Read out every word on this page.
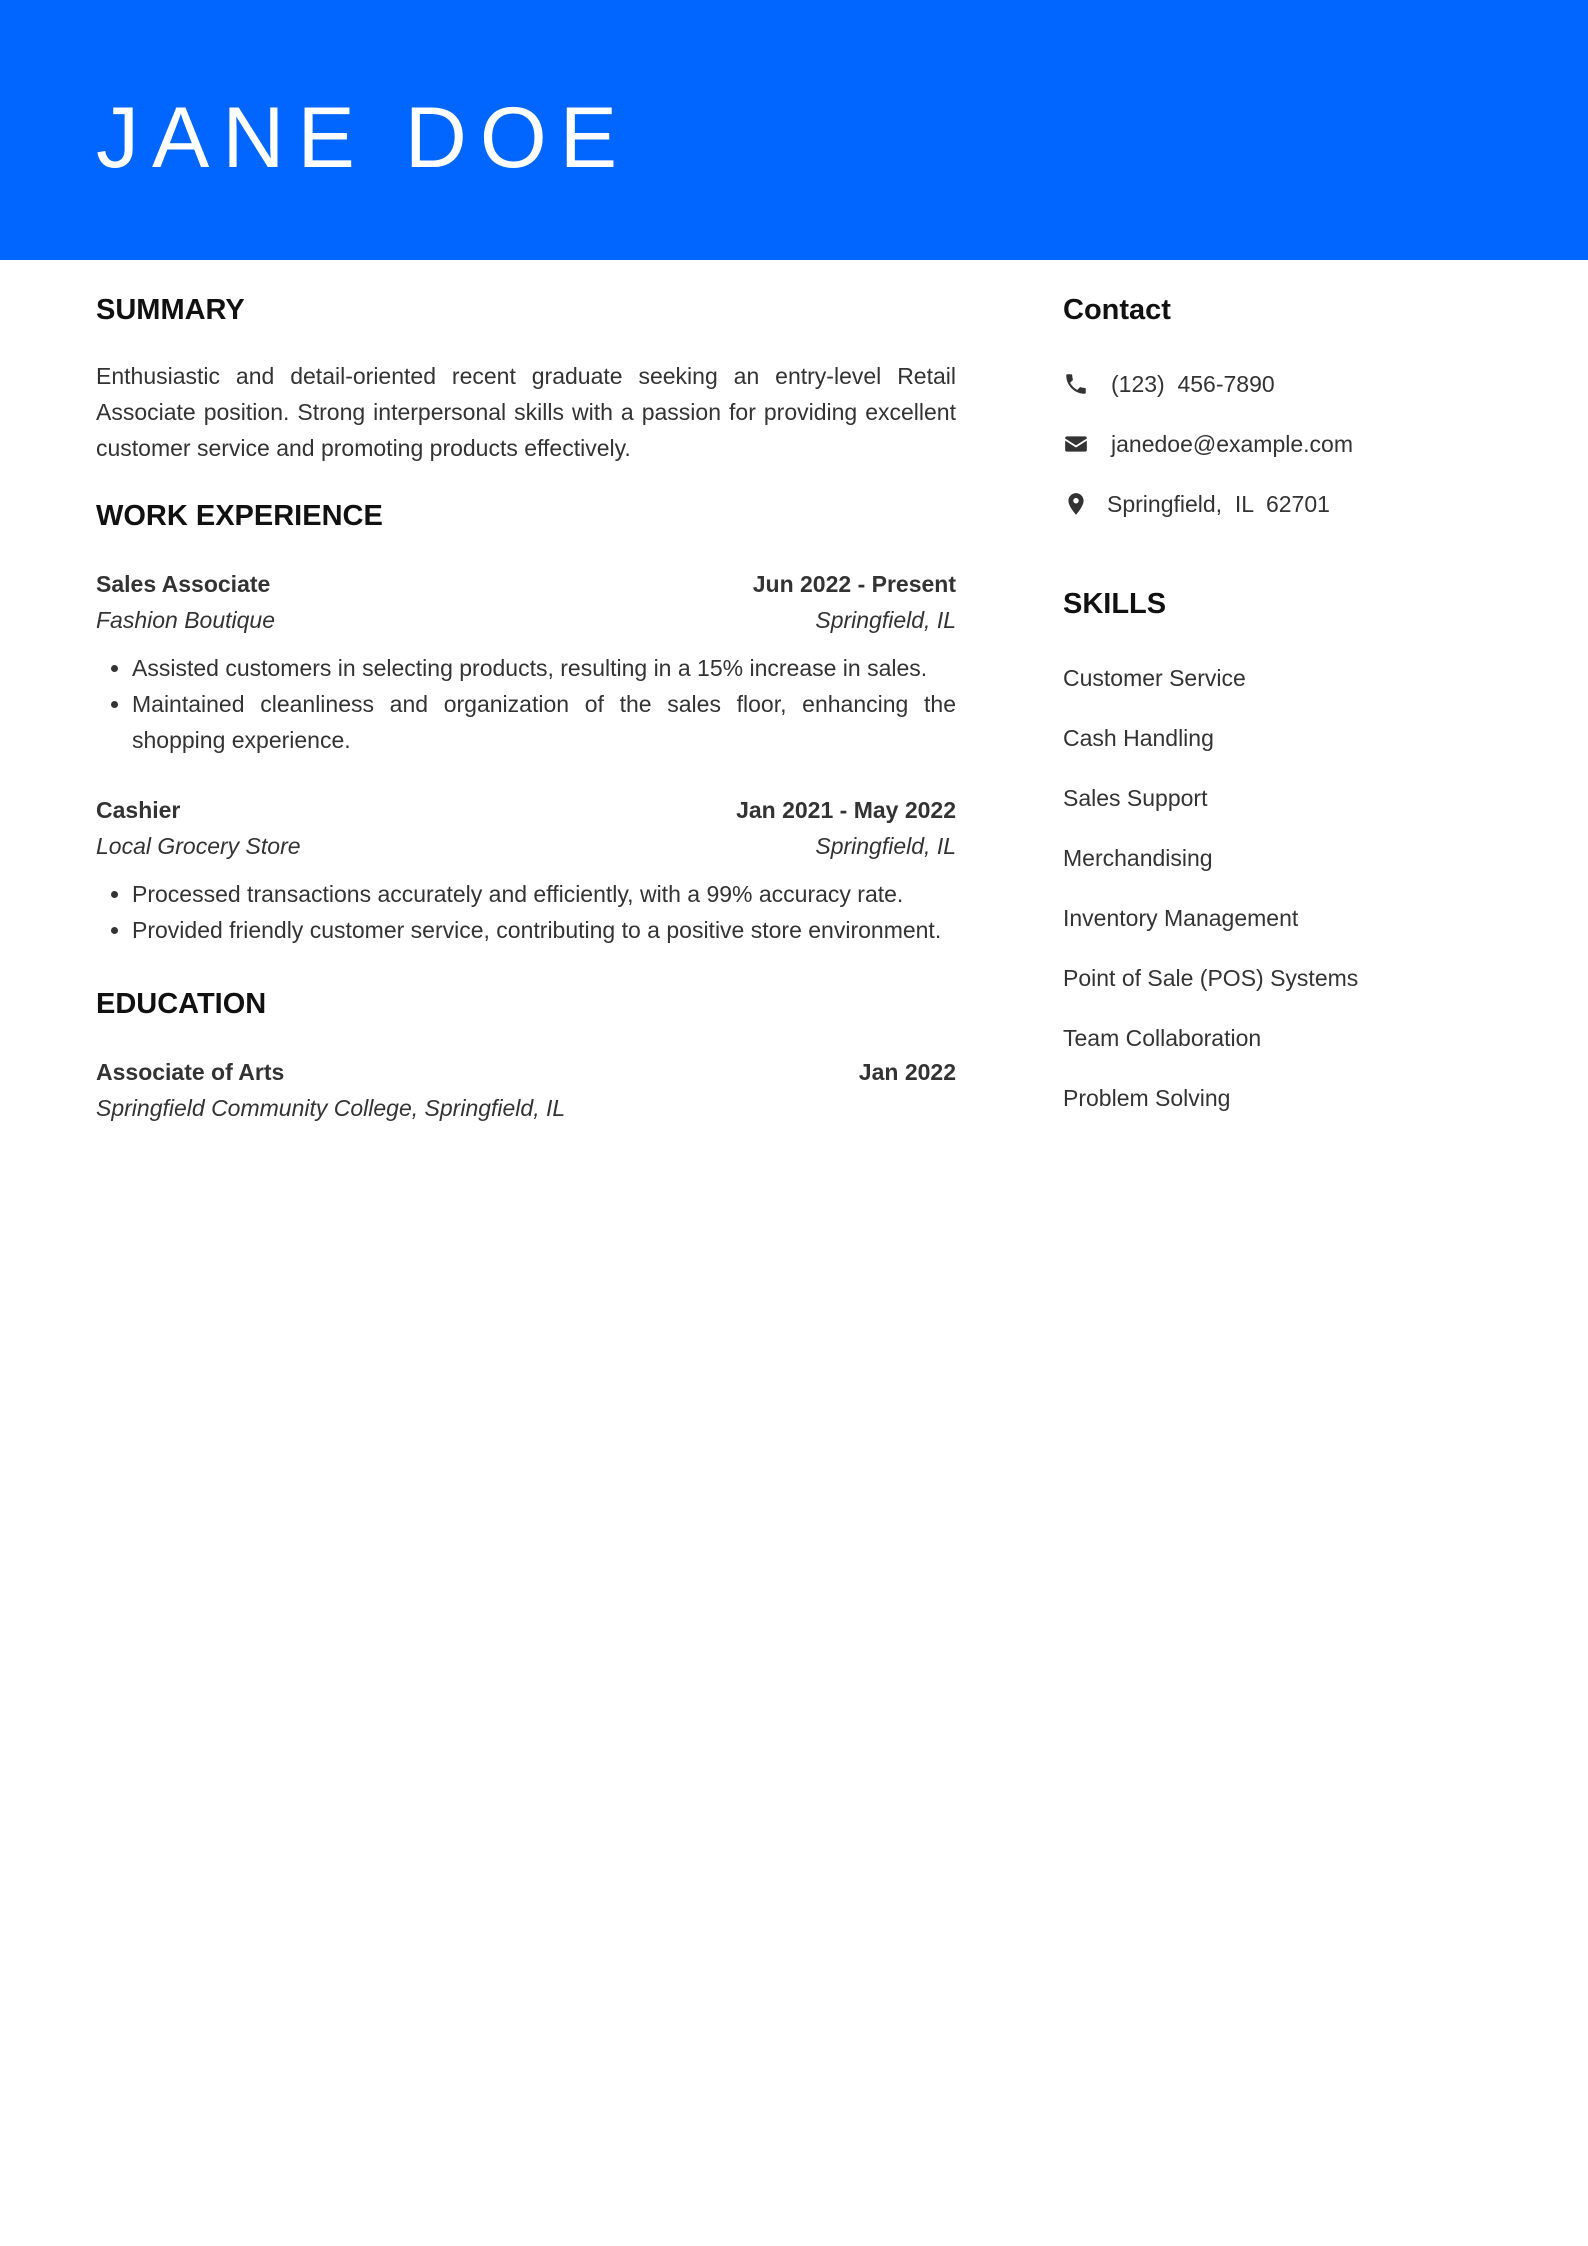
JANE DOE
SUMMARY

Enthusiastic and detail-oriented recent graduate seeking an entry-level Retail Associate position. Strong interpersonal skills with a passion for providing excellent customer service and promoting products effectively.

WORK EXPERIENCE
Sales Associate	Jun 2022 - Present
Fashion Boutique	Springfield, IL
• Assisted customers in selecting products, resulting in a 15% increase in sales.
• Maintained cleanliness and organization of the sales floor, enhancing the shopping experience.
Cashier	Jan 2021 - May 2022
Local Grocery Store	Springfield, IL
• Processed transactions accurately and efficiently, with a 99% accuracy rate.
• Provided friendly customer service, contributing to a positive store environment.
EDUCATION
Associate of Arts	Jan 2022
Springfield Community College, Springfield, IL
Contact
(123)  456-7890
janedoe@example.com
Springfield,  IL  62701
SKILLS
Customer Service
Cash Handling
Sales Support
Merchandising
Inventory Management
Point of Sale (POS) Systems
Team Collaboration
Problem Solving
